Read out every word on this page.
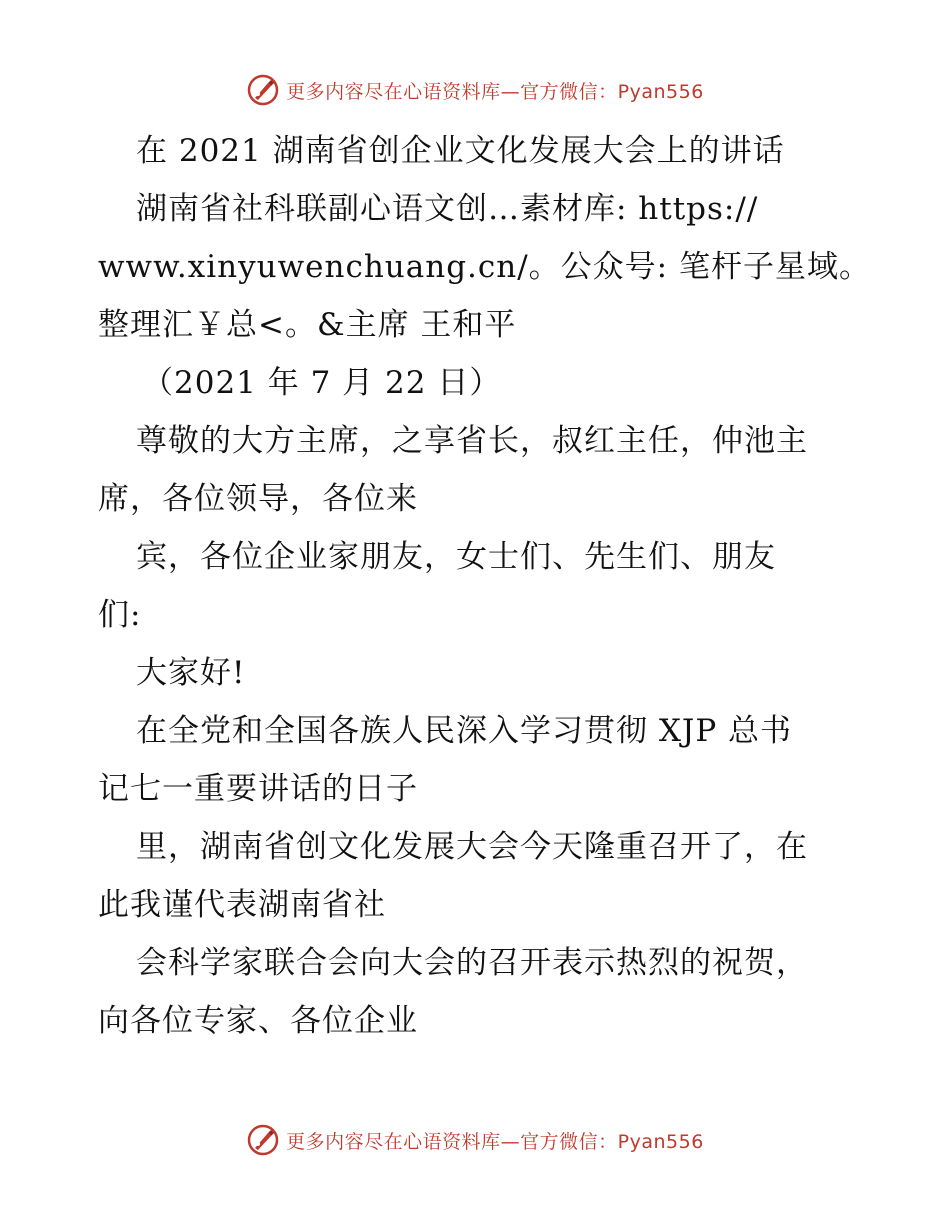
更多内容尽在心语资料库—官方微信：Pyan556
在 2021 湖南省创企业文化发展大会上的讲话
湖南省社科联副心语文创…素材库: https://
www.xinyuwenchuang.cn/。公众号: 笔杆子星域。
整理汇￥总<。&主席 王和平
（2021 年 7 月 22 日）
尊敬的大方主席，之享省长，叔红主任，仲池主
席，各位领导，各位来
宾，各位企业家朋友，女士们、先生们、朋友
们:
大家好!
在全党和全国各族人民深入学习贯彻 XJP 总书
记七一重要讲话的日子
里，湖南省创文化发展大会今天隆重召开了，在
此我谨代表湖南省社
会科学家联合会向大会的召开表示热烈的祝贺，
向各位专家、各位企业
更多内容尽在心语资料库—官方微信：Pyan556
